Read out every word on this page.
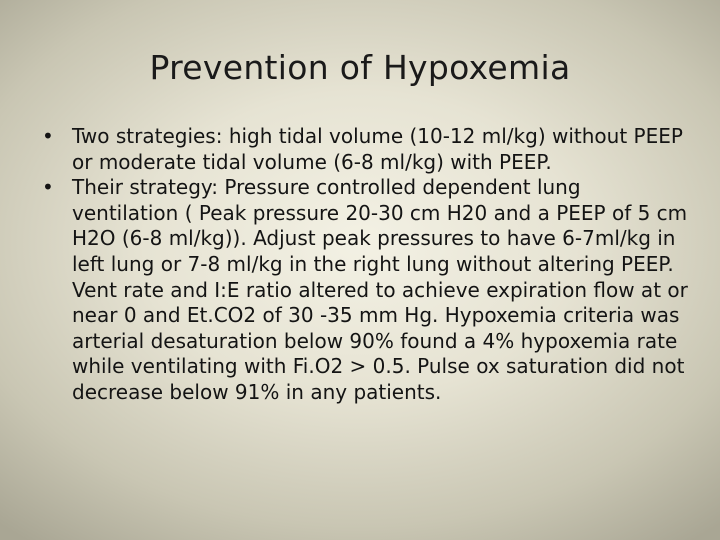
Prevention of Hypoxemia
• Two strategies: high tidal volume (10-12 ml/kg) without PEEP or moderate tidal volume (6-8 ml/kg) with PEEP.
• Their strategy: Pressure controlled dependent lung ventilation ( Peak pressure 20-30 cm H20 and a PEEP of 5 cm H2O (6-8 ml/kg)). Adjust peak pressures to have 6-7ml/kg in left lung or 7-8 ml/kg in the right lung without altering PEEP. Vent rate and I:E ratio altered to achieve expiration flow at or near 0 and Et.CO2 of 30 -35 mm Hg. Hypoxemia criteria was arterial desaturation below 90% found a 4% hypoxemia rate while ventilating with Fi.O2 > 0.5. Pulse ox saturation did not decrease below 91% in any patients.
